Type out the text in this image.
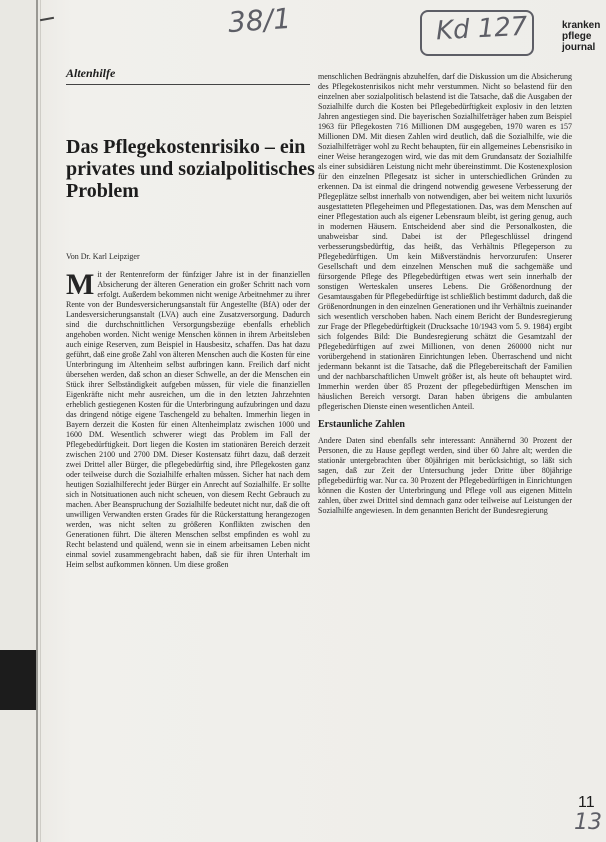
38/1	Kd 127	kranken
pflege
journal
Altenhilfe
Das Pflegekostenrisiko – ein privates und sozialpolitisches Problem
Von Dr. Karl Leipziger

M it der Rentenreform der fünfziger Jahre ist in der finanziellen Absicherung der älteren Generation ein großer Schritt nach vorn erfolgt. Außerdem bekommen nicht wenige Arbeitnehmer zu ihrer Rente von der Bundesversicherungsanstalt für Angestellte (BfA) oder der Landesversicherungsanstalt (LVA) auch eine Zusatzversorgung. Dadurch sind die durchschnittlichen Versorgungsbezüge ebenfalls erheblich angehoben worden. Nicht wenige Menschen können in ihrem Arbeitsleben auch einige Reserven, zum Beispiel in Hausbesitz, schaffen. Das hat dazu geführt, daß eine große Zahl von älteren Menschen auch die Kosten für eine Unterbringung im Altenheim selbst aufbringen kann. Freilich darf nicht übersehen werden, daß schon an dieser Schwelle, an der die Menschen ein Stück ihrer Selbständigkeit aufgeben müssen, für viele die finanziellen Eigenkräfte nicht mehr ausreichen, um die in den letzten Jahrzehnten erheblich gestiegenen Kosten für die Unterbringung aufzubringen und dazu das dringend nötige eigene Taschengeld zu behalten. Immerhin liegen in Bayern derzeit die Kosten für einen Altenheimplatz zwischen 1000 und 1600 DM. Wesentlich schwerer wiegt das Problem im Fall der Pflegebedürftigkeit. Dort liegen die Kosten im stationären Bereich derzeit zwischen 2100 und 2700 DM. Dieser Kostensatz führt dazu, daß derzeit zwei Drittel aller Bürger, die pflegebedürftig sind, ihre Pflegekosten ganz oder teilweise durch die Sozialhilfe erhalten müssen. Sicher hat nach dem heutigen Sozialhilferecht jeder Bürger ein Anrecht auf Sozialhilfe. Er sollte sich in Notsituationen auch nicht scheuen, von diesem Recht Gebrauch zu machen. Aber Beanspruchung der Sozialhilfe bedeutet nicht nur, daß die oft unwilligen Verwandten ersten Grades für die Rückerstattung herangezogen werden, was nicht selten zu größeren Konflikten zwischen den Generationen führt. Die älteren Menschen selbst empfinden es wohl zu Recht belastend und quälend, wenn sie in einem arbeitsamen Leben nicht einmal soviel zusammengebracht haben, daß sie für ihren Unterhalt im Heim selbst aufkommen können. Um diese großen

menschlichen Bedrängnis abzuhelfen, darf die Diskussion um die Absicherung des Pflegekostenrisikos nicht mehr verstummen. Nicht so belastend für den einzelnen aber sozialpolitisch belastend ist die Tatsache, daß die Ausgaben der Sozialhilfe durch die Kosten bei Pflegebedürftigkeit explosiv in den letzten Jahren angestiegen sind. Die bayerischen Sozialhilfeträger haben zum Beispiel 1963 für Pflegekosten 716 Millionen DM ausgegeben, 1970 waren es 157 Millionen DM. Mit diesen Zahlen wird deutlich, daß die Sozialhilfe, wie die Sozialhilfeträger wohl zu Recht behaupten, für ein allgemeines Lebensrisiko in einer Weise herangezogen wird, wie das mit dem Grundansatz der Sozialhilfe als einer subsidiären Leistung nicht mehr übereinstimmt. Die Kostenexplosion für den einzelnen Pflegesatz ist sicher in unterschiedlichen Gründen zu erkennen. Da ist einmal die dringend notwendig gewesene Verbesserung der Pflegeplätze selbst innerhalb von notwendigen, aber bei weitem nicht luxuriös ausgestatteten Pflegeheimen und Pflegestationen. Das, was dem Menschen auf einer Pflegestation auch als eigener Lebensraum bleibt, ist gering genug, auch in modernen Häusern. Entscheidend aber sind die Personalkosten, die unabweisbar sind. Dabei ist der Pflegeschlüssel dringend verbesserungsbedürftig, das heißt, das Verhältnis Pflegeperson zu Pflegebedürftigen. Um kein Mißverständnis hervorzurufen: Unserer Gesellschaft und dem einzelnen Menschen muß die sachgemäße und fürsorgende Pflege des Pflegebedürftigen etwas wert sein innerhalb der sonstigen Werteskalen unseres Lebens. Die Größenordnung der Gesamtausgaben für Pflegebedürftige ist schließlich bestimmt dadurch, daß die Größenordnungen in den einzelnen Generationen und ihr Verhältnis zueinander sich wesentlich verschoben haben. Nach einem Bericht der Bundesregierung zur Frage der Pflegebedürftigkeit (Drucksache 10/1943 vom 5. 9. 1984) ergibt sich folgendes Bild: Die Bundesregierung schätzt die Gesamtzahl der Pflegebedürftigen auf zwei Millionen, von denen 260000 nicht nur vorübergehend in stationären Einrichtungen leben. Überraschend und nicht jedermann bekannt ist die Tatsache, daß die Pflegebereitschaft der Familien und der nachbarschaftlichen Umwelt größer ist, als heute oft behauptet wird. Immerhin werden über 85 Prozent der pflegebedürftigen Menschen im häuslichen Bereich versorgt. Daran haben übrigens die ambulanten pflegerischen Dienste einen wesentlichen Anteil.

Erstaunliche Zahlen

Andere Daten sind ebenfalls sehr interessant: Annähernd 30 Prozent der Personen, die zu Hause gepflegt werden, sind über 60 Jahre alt; werden die stationär untergebrachten über 80jährigen mit berücksichtigt, so läßt sich sagen, daß zur Zeit der Untersuchung jeder Dritte über 80jährige pflegebedürftig war. Nur ca. 30 Prozent der Pflegebedürftigen in Einrichtungen können die Kosten der Unterbringung und Pflege voll aus eigenen Mitteln zahlen, über zwei Drittel sind demnach ganz oder teilweise auf Leistungen der Sozialhilfe angewiesen. In dem genannten Bericht der Bundesregierung

11
13
